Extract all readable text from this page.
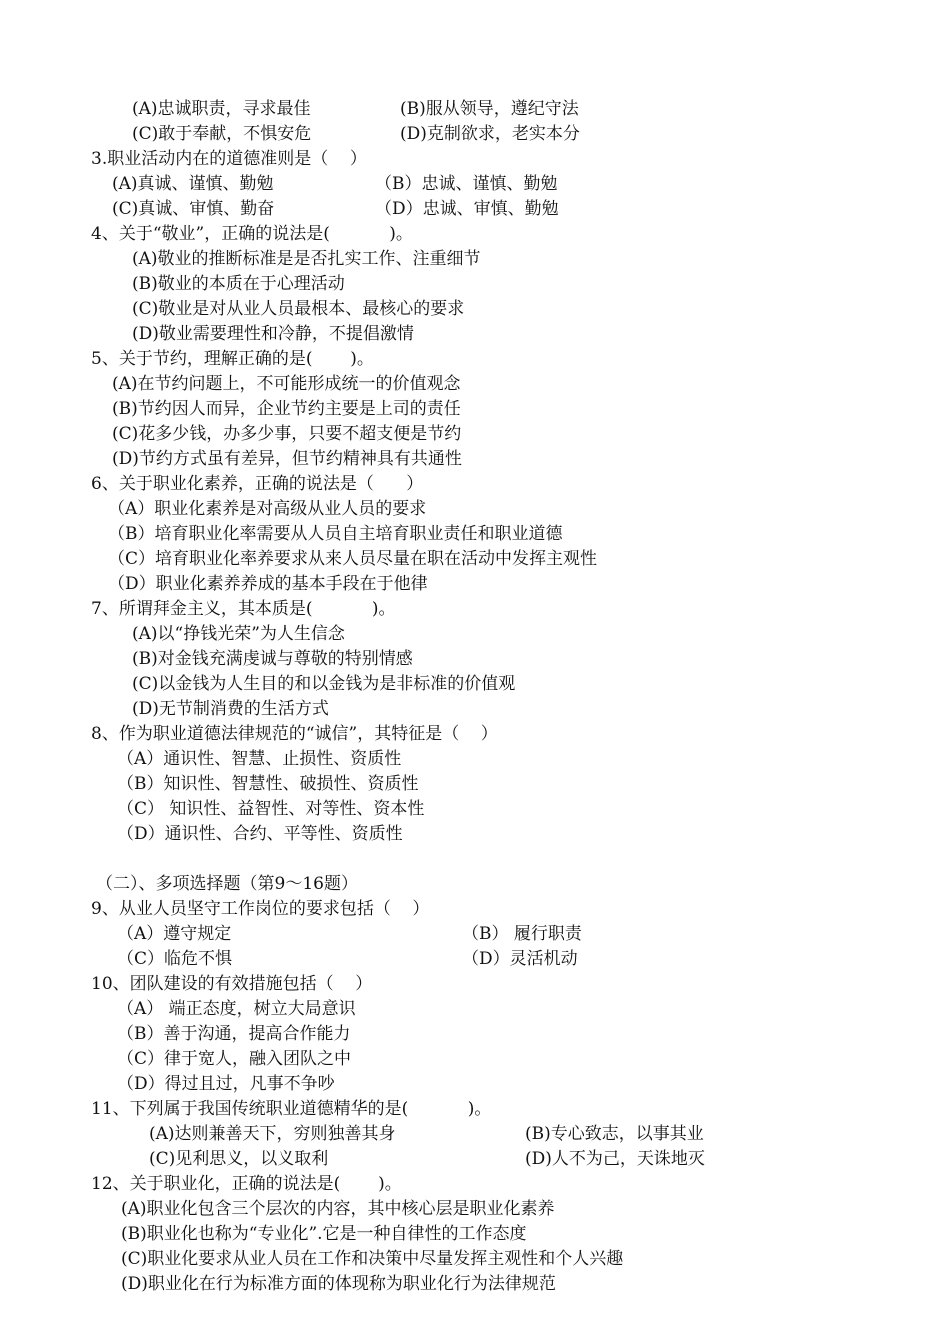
(A)忠诚职责，寻求最佳	(B)服从领导，遵纪守法
(C)敢于奉献，不惧安危	(D)克制欲求，老实本分
3.职业活动内在的道德准则是（    ）
(A)真诚、谨慎、勤勉	（B）忠诚、谨慎、勤勉
(C)真诚、审慎、勤奋	（D）忠诚、审慎、勤勉
4、关于“敬业”，正确的说法是(           )。
(A)敬业的推断标准是是否扎实工作、注重细节
(B)敬业的本质在于心理活动
(C)敬业是对从业人员最根本、最核心的要求
(D)敬业需要理性和冷静，不提倡激情
5、关于节约，理解正确的是(       )。
(A)在节约问题上，不可能形成统一的价值观念
(B)节约因人而异，企业节约主要是上司的责任
(C)花多少钱，办多少事，只要不超支便是节约
(D)节约方式虽有差异，但节约精神具有共通性
6、关于职业化素养，正确的说法是（      ）
（A）职业化素养是对高级从业人员的要求
（B）培育职业化率需要从人员自主培育职业责任和职业道德
（C）培育职业化率养要求从来人员尽量在职在活动中发挥主观性
（D）职业化素养养成的基本手段在于他律
7、所谓拜金主义，其本质是(           )。
(A)以“挣钱光荣”为人生信念
(B)对金钱充满虔诚与尊敬的特别情感
(C)以金钱为人生目的和以金钱为是非标准的价值观
(D)无节制消费的生活方式
8、作为职业道德法律规范的“诚信”，其特征是（    ）
（A）通识性、智慧、止损性、资质性
（B）知识性、智慧性、破损性、资质性
（C） 知识性、益智性、对等性、资本性
（D）通识性、合约、平等性、资质性
（二）、多项选择题（第9～16题）
9、从业人员坚守工作岗位的要求包括（    ）
（A）遵守规定	（B） 履行职责
（C）临危不惧	（D）灵活机动
10、团队建设的有效措施包括（    ）
（A） 端正态度，树立大局意识
（B）善于沟通，提高合作能力
（C）律于宽人，融入团队之中
（D）得过且过，凡事不争吵
11、下列属于我国传统职业道德精华的是(           )。
(A)达则兼善天下，穷则独善其身	(B)专心致志，以事其业
(C)见利思义，以义取利	(D)人不为己，天诛地灭
12、关于职业化，正确的说法是(       )。
(A)职业化包含三个层次的内容，其中核心层是职业化素养
(B)职业化也称为“专业化”.它是一种自律性的工作态度
(C)职业化要求从业人员在工作和决策中尽量发挥主观性和个人兴趣
(D)职业化在行为标准方面的体现称为职业化行为法律规范
